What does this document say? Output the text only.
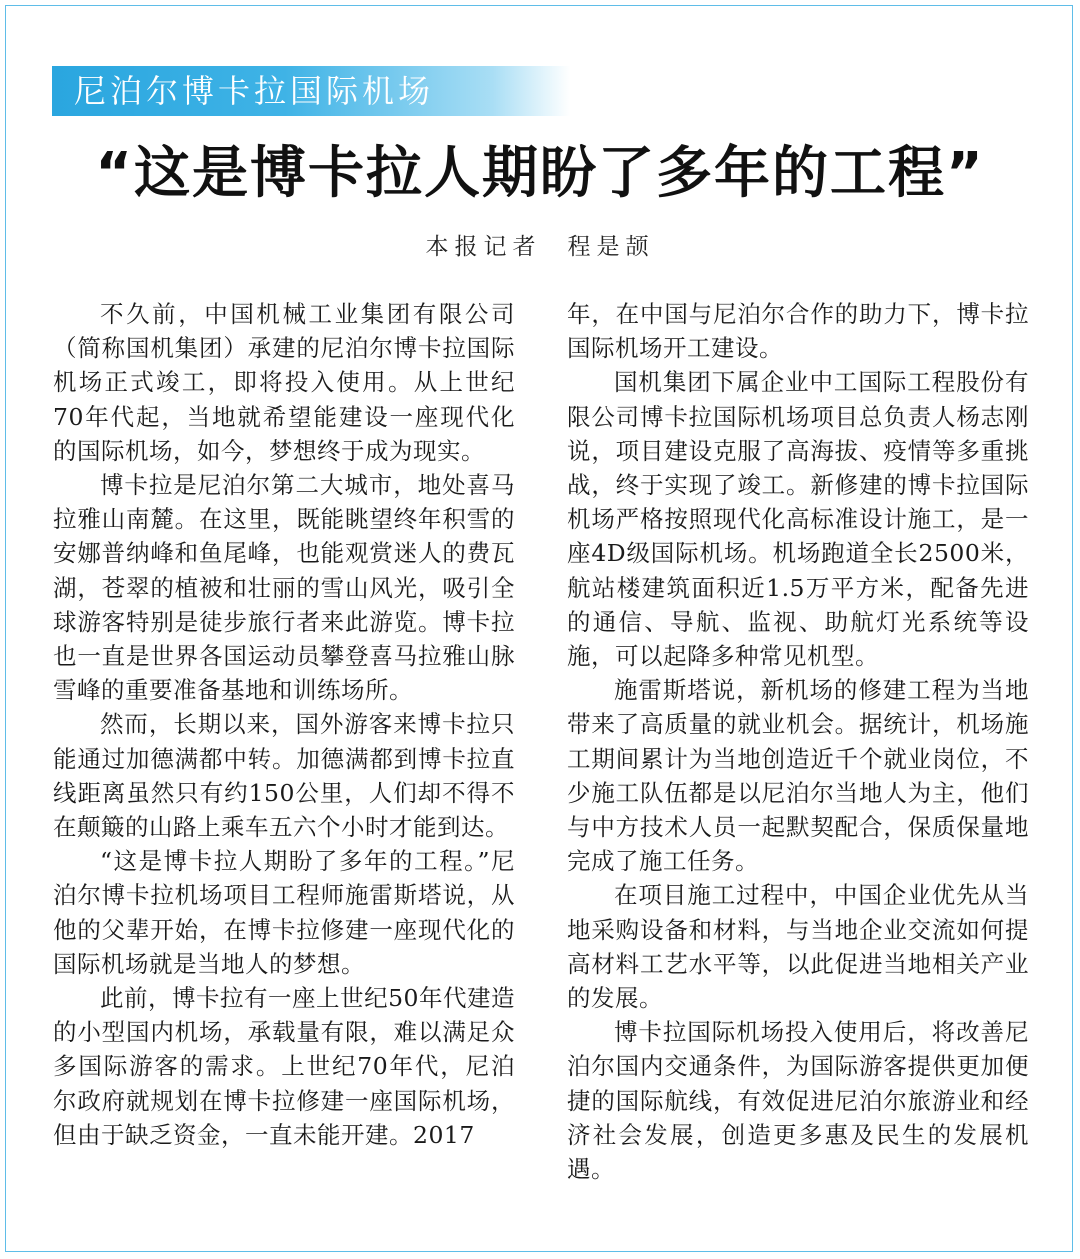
尼泊尔博卡拉国际机场
“这是博卡拉人期盼了多年的工程”
本报记者 程是颉

不久前，中国机械工业集团有限公司（简称国机集团）承建的尼泊尔博卡拉国际机场正式竣工，即将投入使用。从上世纪70年代起，当地就希望能建设一座现代化的国际机场，如今，梦想终于成为现实。

博卡拉是尼泊尔第二大城市，地处喜马拉雅山南麓。在这里，既能眺望终年积雪的安娜普纳峰和鱼尾峰，也能观赏迷人的费瓦湖，苍翠的植被和壮丽的雪山风光，吸引全球游客特别是徒步旅行者来此游览。博卡拉也一直是世界各国运动员攀登喜马拉雅山脉雪峰的重要准备基地和训练场所。

然而，长期以来，国外游客来博卡拉只能通过加德满都中转。加德满都到博卡拉直线距离虽然只有约150公里，人们却不得不在颠簸的山路上乘车五六个小时才能到达。

“这是博卡拉人期盼了多年的工程。”尼泊尔博卡拉机场项目工程师施雷斯塔说，从他的父辈开始，在博卡拉修建一座现代化的国际机场就是当地人的梦想。

此前，博卡拉有一座上世纪50年代建造的小型国内机场，承载量有限，难以满足众多国际游客的需求。上世纪70年代，尼泊尔政府就规划在博卡拉修建一座国际机场，但由于缺乏资金，一直未能开建。2017

年，在中国与尼泊尔合作的助力下，博卡拉国际机场开工建设。

国机集团下属企业中工国际工程股份有限公司博卡拉国际机场项目总负责人杨志刚说，项目建设克服了高海拔、疫情等多重挑战，终于实现了竣工。新修建的博卡拉国际机场严格按照现代化高标准设计施工，是一座4D级国际机场。机场跑道全长2500米，航站楼建筑面积近1.5万平方米，配备先进的通信、导航、监视、助航灯光系统等设施，可以起降多种常见机型。

施雷斯塔说，新机场的修建工程为当地带来了高质量的就业机会。据统计，机场施工期间累计为当地创造近千个就业岗位，不少施工队伍都是以尼泊尔当地人为主，他们与中方技术人员一起默契配合，保质保量地完成了施工任务。

在项目施工过程中，中国企业优先从当地采购设备和材料，与当地企业交流如何提高材料工艺水平等，以此促进当地相关产业的发展。

博卡拉国际机场投入使用后，将改善尼泊尔国内交通条件，为国际游客提供更加便捷的国际航线，有效促进尼泊尔旅游业和经济社会发展，创造更多惠及民生的发展机遇。
